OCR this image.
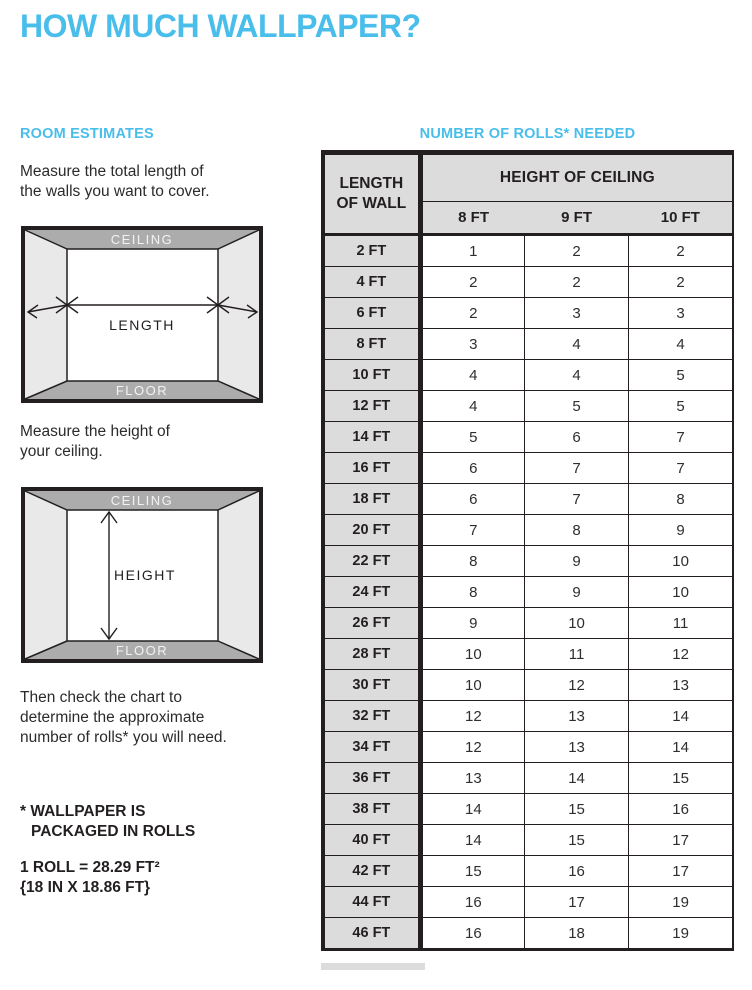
HOW MUCH WALLPAPER?
ROOM ESTIMATES	NUMBER OF ROLLS* NEEDED

Measure the total length of
the walls you want to cover.

CEILING
FLOOR
LENGTH

Measure the height of
your ceiling.

CEILING
FLOOR
HEIGHT

Then check the chart to
determine the approximate
number of rolls* you will need.

* WALLPAPER IS
PACKAGED IN ROLLS

1 ROLL = 28.29 FT²
{18 IN X 18.86 FT}

LENGTH
OF WALL	HEIGHT OF CEILING		
	8 FT	9 FT	10 FT
2 FT	1	2	2
4 FT	2	2	2
6 FT	2	3	3
8 FT	3	4	4
10 FT	4	4	5
12 FT	4	5	5
14 FT	5	6	7
16 FT	6	7	7
18 FT	6	7	8
20 FT	7	8	9
22 FT	8	9	10
24 FT	8	9	10
26 FT	9	10	11
28 FT	10	11	12
30 FT	10	12	13
32 FT	12	13	14
34 FT	12	13	14
36 FT	13	14	15
38 FT	14	15	16
40 FT	14	15	17
42 FT	15	16	17
44 FT	16	17	19
46 FT	16	18	19
